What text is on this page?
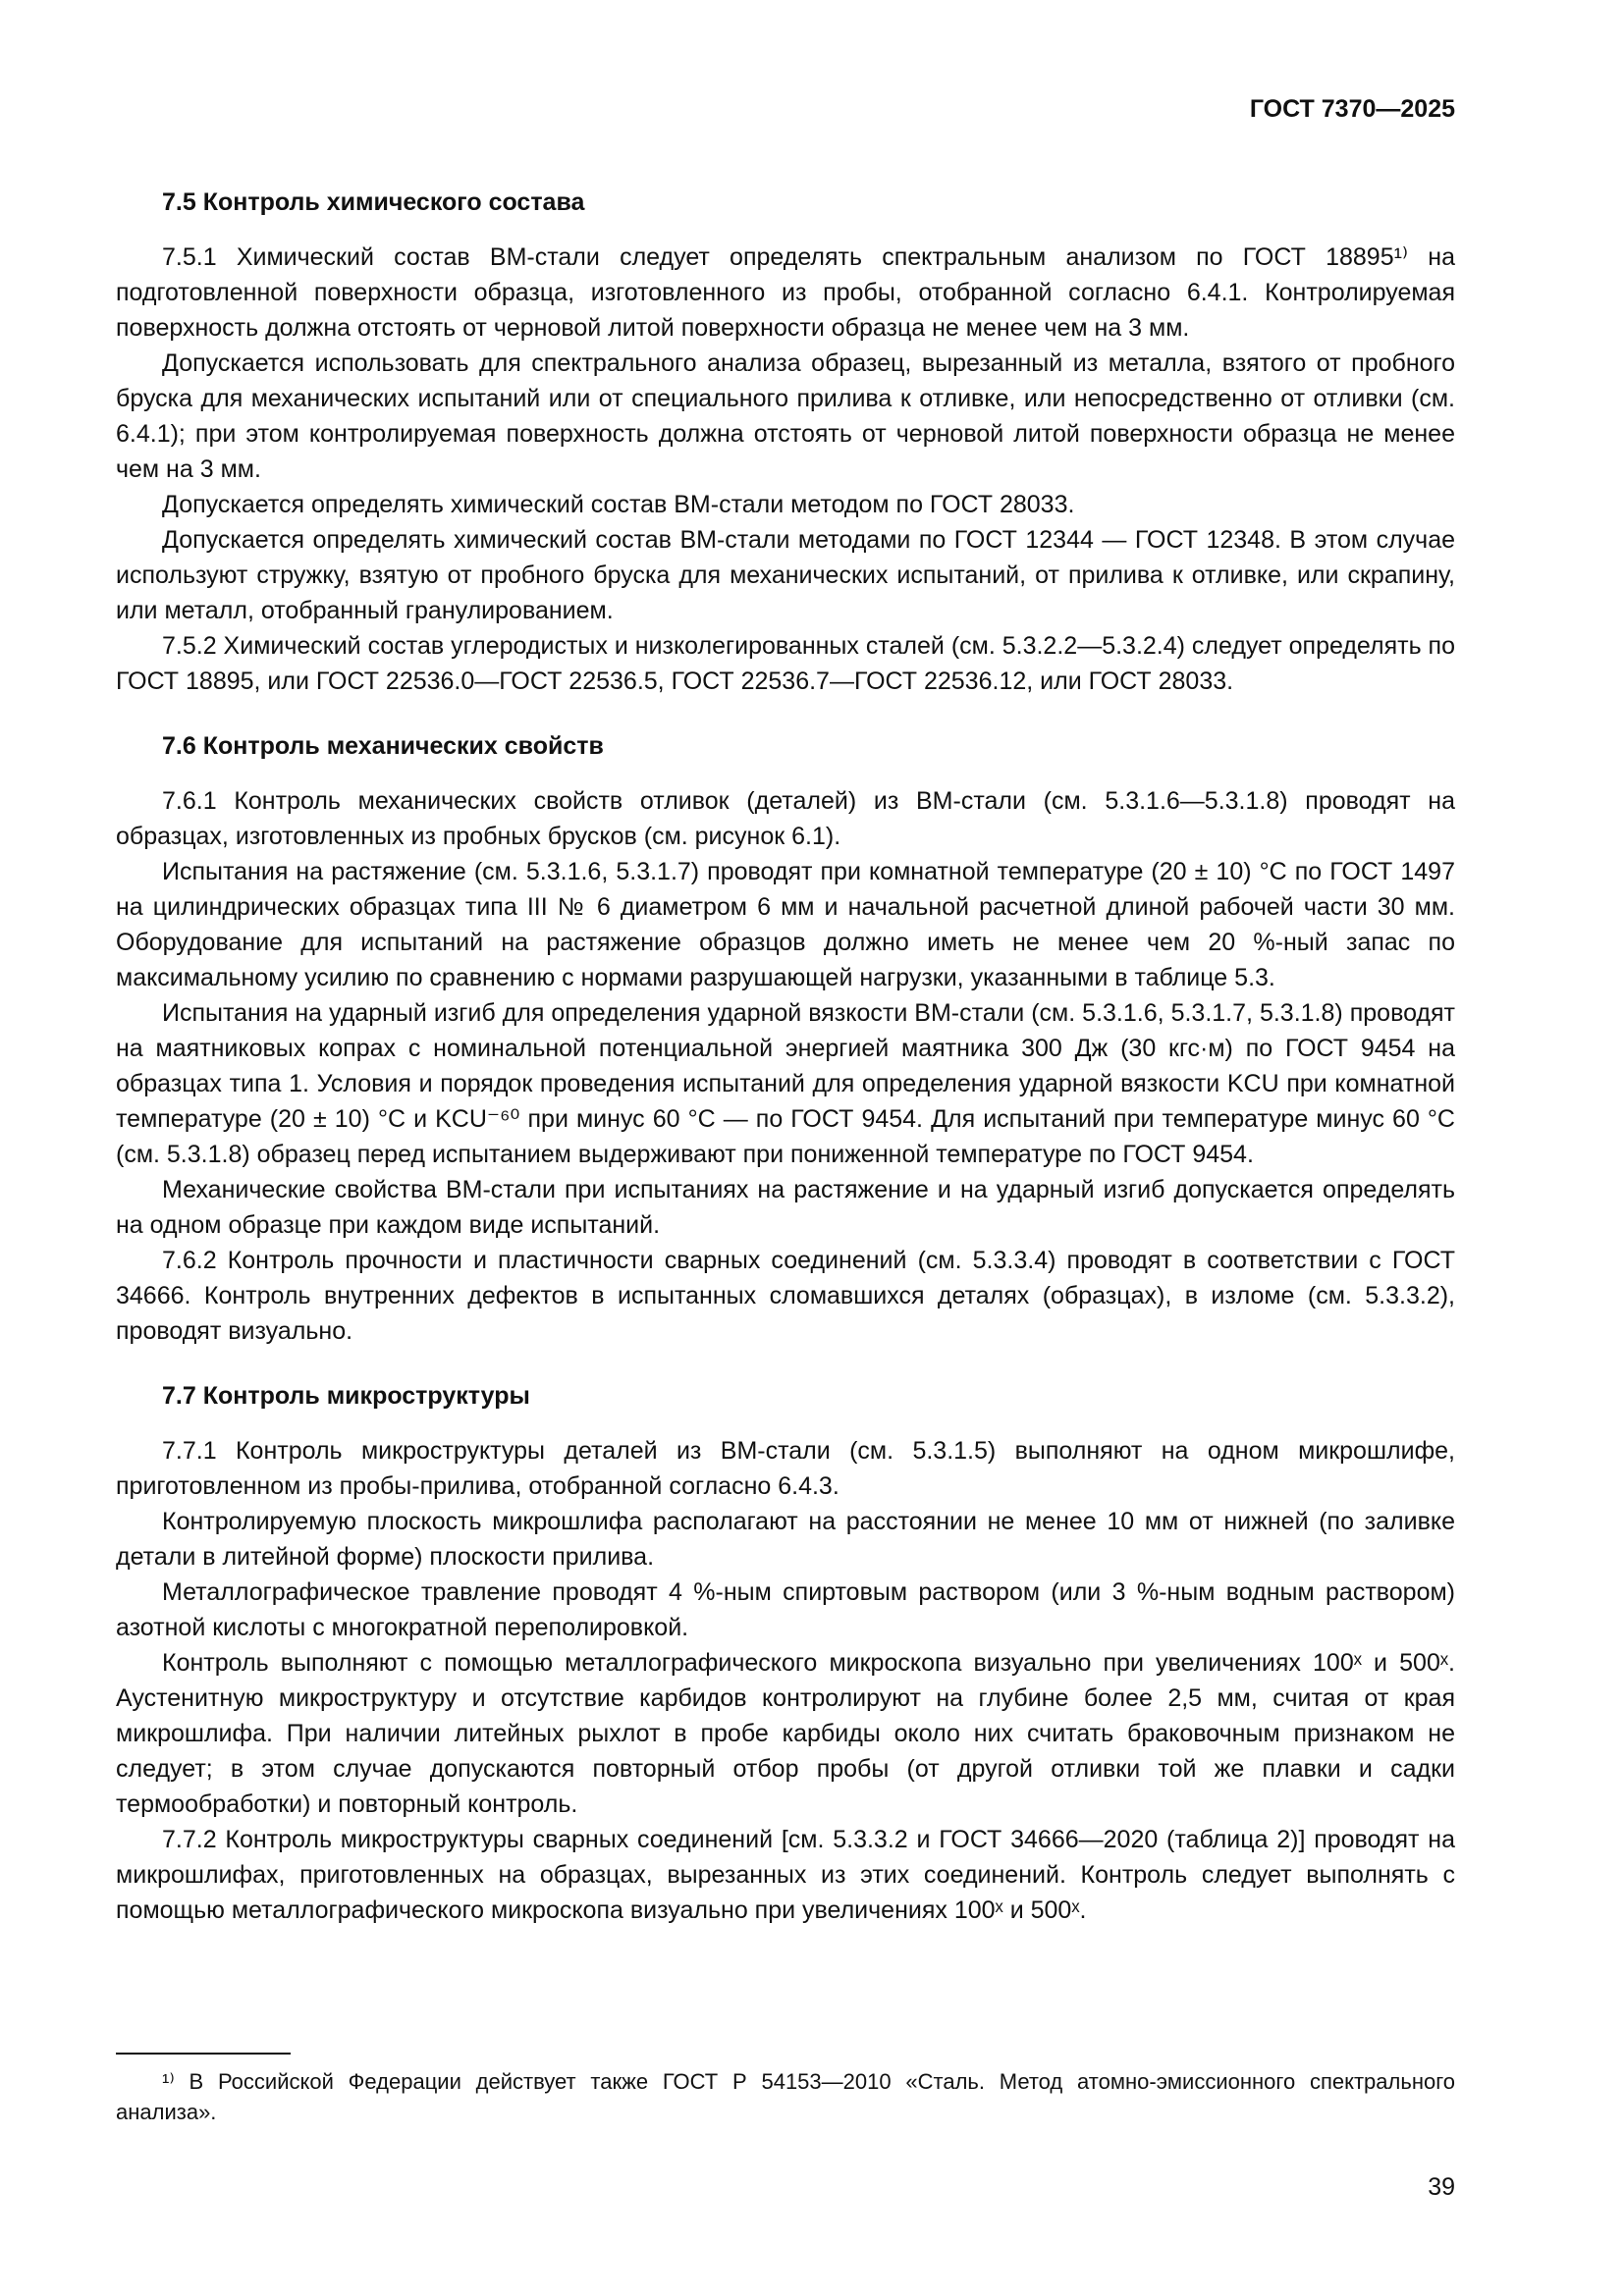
ГОСТ 7370—2025
7.5 Контроль химического состава

7.5.1 Химический состав ВМ-стали следует определять спектральным анализом по ГОСТ 18895¹⁾ на подготовленной поверхности образца, изготовленного из пробы, отобранной согласно 6.4.1. Контролируемая поверхность должна отстоять от черновой литой поверхности образца не менее чем на 3 мм.

Допускается использовать для спектрального анализа образец, вырезанный из металла, взятого от пробного бруска для механических испытаний или от специального прилива к отливке, или непосредственно от отливки (см. 6.4.1); при этом контролируемая поверхность должна отстоять от черновой литой поверхности образца не менее чем на 3 мм.

Допускается определять химический состав ВМ-стали методом по ГОСТ 28033.

Допускается определять химический состав ВМ-стали методами по ГОСТ 12344 — ГОСТ 12348. В этом случае используют стружку, взятую от пробного бруска для механических испытаний, от прилива к отливке, или скрапину, или металл, отобранный гранулированием.

7.5.2 Химический состав углеродистых и низколегированных сталей (см. 5.3.2.2—5.3.2.4) следует определять по ГОСТ 18895, или ГОСТ 22536.0—ГОСТ 22536.5, ГОСТ 22536.7—ГОСТ 22536.12, или ГОСТ 28033.

7.6 Контроль механических свойств

7.6.1 Контроль механических свойств отливок (деталей) из ВМ-стали (см. 5.3.1.6—5.3.1.8) проводят на образцах, изготовленных из пробных брусков (см. рисунок 6.1).

Испытания на растяжение (см. 5.3.1.6, 5.3.1.7) проводят при комнатной температуре (20 ± 10) °С по ГОСТ 1497 на цилиндрических образцах типа III № 6 диаметром 6 мм и начальной расчетной длиной рабочей части 30 мм. Оборудование для испытаний на растяжение образцов должно иметь не менее чем 20 %-ный запас по максимальному усилию по сравнению с нормами разрушающей нагрузки, указанными в таблице 5.3.

Испытания на ударный изгиб для определения ударной вязкости ВМ-стали (см. 5.3.1.6, 5.3.1.7, 5.3.1.8) проводят на маятниковых копрах с номинальной потенциальной энергией маятника 300 Дж (30 кгс·м) по ГОСТ 9454 на образцах типа 1. Условия и порядок проведения испытаний для определения ударной вязкости KCU при комнатной температуре (20 ± 10) °С и KCU⁻⁶⁰ при минус 60 °С — по ГОСТ 9454. Для испытаний при температуре минус 60 °С (см. 5.3.1.8) образец перед испытанием выдерживают при пониженной температуре по ГОСТ 9454.

Механические свойства ВМ-стали при испытаниях на растяжение и на ударный изгиб допускается определять на одном образце при каждом виде испытаний.

7.6.2 Контроль прочности и пластичности сварных соединений (см. 5.3.3.4) проводят в соответствии с ГОСТ 34666. Контроль внутренних дефектов в испытанных сломавшихся деталях (образцах), в изломе (см. 5.3.3.2), проводят визуально.

7.7 Контроль микроструктуры

7.7.1 Контроль микроструктуры деталей из ВМ-стали (см. 5.3.1.5) выполняют на одном микрошлифе, приготовленном из пробы-прилива, отобранной согласно 6.4.3.

Контролируемую плоскость микрошлифа располагают на расстоянии не менее 10 мм от нижней (по заливке детали в литейной форме) плоскости прилива.

Металлографическое травление проводят 4 %-ным спиртовым раствором (или 3 %-ным водным раствором) азотной кислоты с многократной переполировкой.

Контроль выполняют с помощью металлографического микроскопа визуально при увеличениях 100ˣ и 500ˣ. Аустенитную микроструктуру и отсутствие карбидов контролируют на глубине более 2,5 мм, считая от края микрошлифа. При наличии литейных рыхлот в пробе карбиды около них считать браковочным признаком не следует; в этом случае допускаются повторный отбор пробы (от другой отливки той же плавки и садки термообработки) и повторный контроль.

7.7.2 Контроль микроструктуры сварных соединений [см. 5.3.3.2 и ГОСТ 34666—2020 (таблица 2)] проводят на микрошлифах, приготовленных на образцах, вырезанных из этих соединений. Контроль следует выполнять с помощью металлографического микроскопа визуально при увеличениях 100ˣ и 500ˣ.

¹⁾ В Российской Федерации действует также ГОСТ Р 54153—2010 «Сталь. Метод атомно-эмиссионного спектрального анализа».

39
